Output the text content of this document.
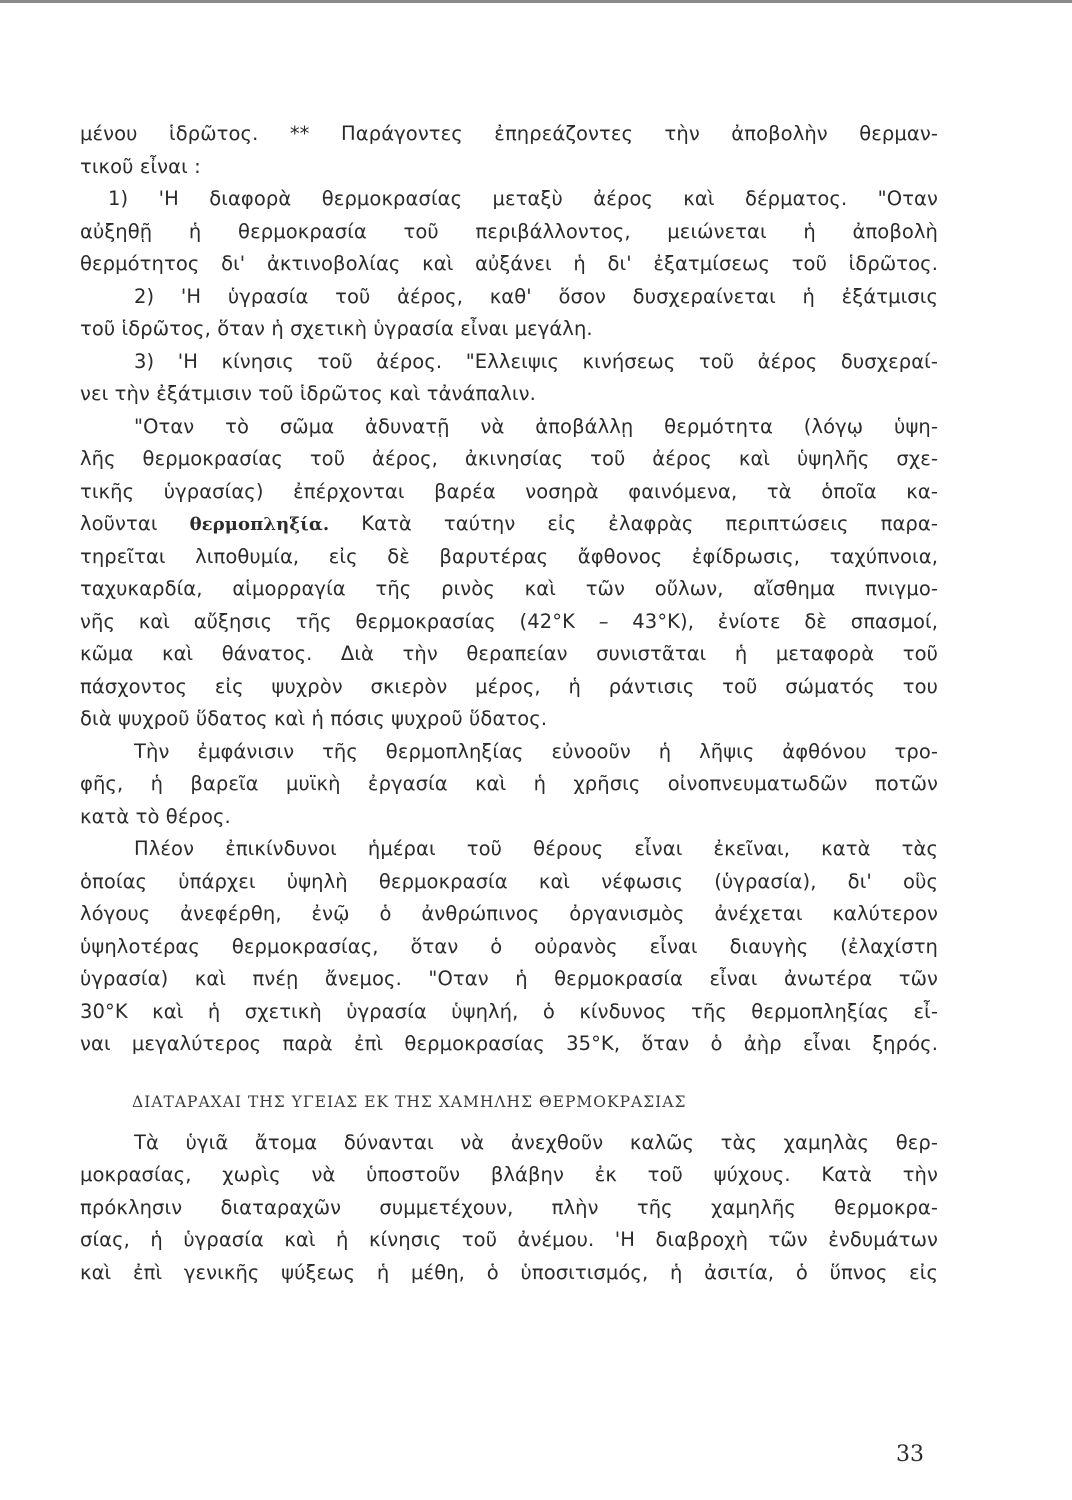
μένου ἱδρῶτος. ** Παράγοντες ἐπηρεάζοντες τὴν ἀποβολὴν θερμαν-
τικοῦ εἶναι :
1) 'Η διαφορὰ θερμοκρασίας μεταξὺ ἀέρος καὶ δέρματος. "Οταν
αὐξηθῇ ἡ θερμοκρασία τοῦ περιβάλλοντος, μειώνεται ἡ ἀποβολὴ
θερμότητος δι' ἀκτινοβολίας καὶ αὐξάνει ἡ δι' ἐξατμίσεως τοῦ ἱδρῶτος.
2) 'Η ὑγρασία τοῦ ἀέρος, καθ' ὅσον δυσχεραίνεται ἡ ἐξάτμισις
τοῦ ἱδρῶτος, ὅταν ἡ σχετικὴ ὑγρασία εἶναι μεγάλη.
3) 'Η κίνησις τοῦ ἀέρος. "Ελλειψις κινήσεως τοῦ ἀέρος δυσχεραί-
νει τὴν ἐξάτμισιν τοῦ ἱδρῶτος καὶ τἀνάπαλιν.
"Οταν τὸ σῶμα ἀδυνατῇ νὰ ἀποβάλλῃ θερμότητα (λόγῳ ὑψη-
λῆς θερμοκρασίας τοῦ ἀέρος, ἀκινησίας τοῦ ἀέρος καὶ ὑψηλῆς σχε-
τικῆς ὑγρασίας) ἐπέρχονται βαρέα νοσηρὰ φαινόμενα, τὰ ὁποῖα κα-
λοῦνται θερμοπληξία. Κατὰ ταύτην εἰς ἐλαφρὰς περιπτώσεις παρα-
τηρεῖται λιποθυμία, εἰς δὲ βαρυτέρας ἄφθονος ἐφίδρωσις, ταχύπνοια,
ταχυκαρδία, αἱμορραγία τῆς ρινὸς καὶ τῶν οὔλων, αἴσθημα πνιγμο-
νῆς καὶ αὔξησις τῆς θερμοκρασίας (42°Κ – 43°Κ), ἐνίοτε δὲ σπασμοί,
κῶμα καὶ θάνατος. Διὰ τὴν θεραπείαν συνιστᾶται ἡ μεταφορὰ τοῦ
πάσχοντος εἰς ψυχρὸν σκιερὸν μέρος, ἡ ράντισις τοῦ σώματός του
διὰ ψυχροῦ ὕδατος καὶ ἡ πόσις ψυχροῦ ὕδατος.
Τὴν ἐμφάνισιν τῆς θερμοπληξίας εὐνοοῦν ἡ λῆψις ἀφθόνου τρο-
φῆς, ἡ βαρεῖα μυϊκὴ ἐργασία καὶ ἡ χρῆσις οἰνοπνευματωδῶν ποτῶν
κατὰ τὸ θέρος.
Πλέον ἐπικίνδυνοι ἡμέραι τοῦ θέρους εἶναι ἐκεῖναι, κατὰ τὰς
ὁποίας ὑπάρχει ὑψηλὴ θερμοκρασία καὶ νέφωσις (ὑγρασία), δι' οὓς
λόγους ἀνεφέρθη, ἐνῷ ὁ ἀνθρώπινος ὀργανισμὸς ἀνέχεται καλύτερον
ὑψηλοτέρας θερμοκρασίας, ὅταν ὁ οὐρανὸς εἶναι διαυγὴς (ἐλαχίστη
ὑγρασία) καὶ πνέῃ ἄνεμος. "Οταν ἡ θερμοκρασία εἶναι ἀνωτέρα τῶν
30°Κ καὶ ἡ σχετικὴ ὑγρασία ὑψηλή, ὁ κίνδυνος τῆς θερμοπληξίας εἶ-
ναι μεγαλύτερος παρὰ ἐπὶ θερμοκρασίας 35°Κ, ὅταν ὁ ἀὴρ εἶναι ξηρός.
ΔΙΑΤΑΡΑΧΑΙ ΤΗΣ ΥΓΕΙΑΣ ΕΚ ΤΗΣ ΧΑΜΗΛΗΣ ΘΕΡΜΟΚΡΑΣΙΑΣ
Τὰ ὑγιᾶ ἄτομα δύνανται νὰ ἀνεχθοῦν καλῶς τὰς χαμηλὰς θερ-
μοκρασίας, χωρὶς νὰ ὑποστοῦν βλάβην ἐκ τοῦ ψύχους. Κατὰ τὴν
πρόκλησιν διαταραχῶν συμμετέχουν, πλὴν τῆς χαμηλῆς θερμοκρα-
σίας, ἡ ὑγρασία καὶ ἡ κίνησις τοῦ ἀνέμου. 'Η διαβροχὴ τῶν ἐνδυμάτων
καὶ ἐπὶ γενικῆς ψύξεως ἡ μέθη, ὁ ὑποσιτισμός, ἡ ἀσιτία, ὁ ὕπνος εἰς
33
